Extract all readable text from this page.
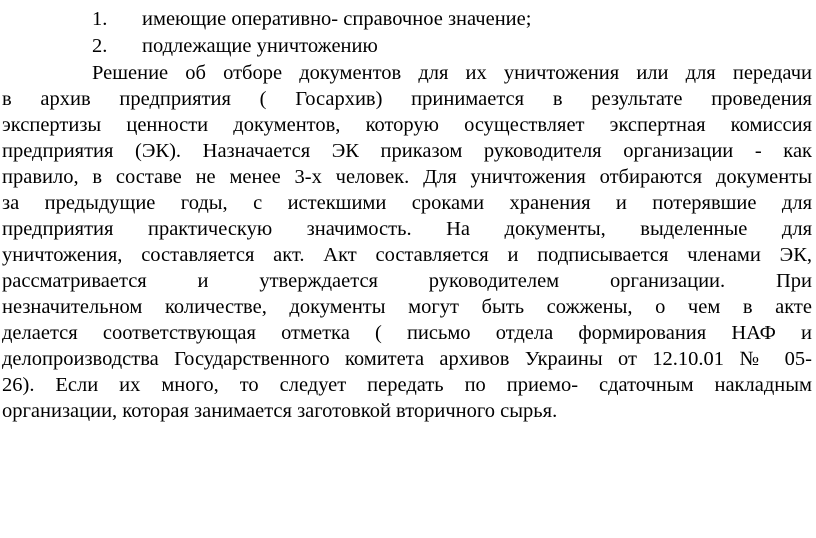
1. имеющие оперативно- справочное значение;
2. подлежащие уничтожению
Решение об отборе документов для их уничтожения или для передачи
в архив предприятия ( Госархив) принимается в результате проведения
экспертизы ценности документов, которую осуществляет экспертная комиссия
предприятия (ЭК). Назначается ЭК приказом руководителя организации - как
правило, в составе не менее 3-х человек. Для уничтожения отбираются документы
за предыдущие годы, с истекшими сроками хранения и потерявшие для
предприятия практическую значимость. На документы, выделенные для
уничтожения, составляется акт. Акт составляется и подписывается членами ЭК,
рассматривается и утверждается руководителем организации. При
незначительном количестве, документы могут быть сожжены, о чем в акте
делается соответствующая отметка ( письмо отдела формирования НАФ и
делопроизводства Государственного комитета архивов Украины от 12.10.01 № 05-
26). Если их много, то следует передать по приемо- сдаточным накладным
организации, которая занимается заготовкой вторичного сырья.
